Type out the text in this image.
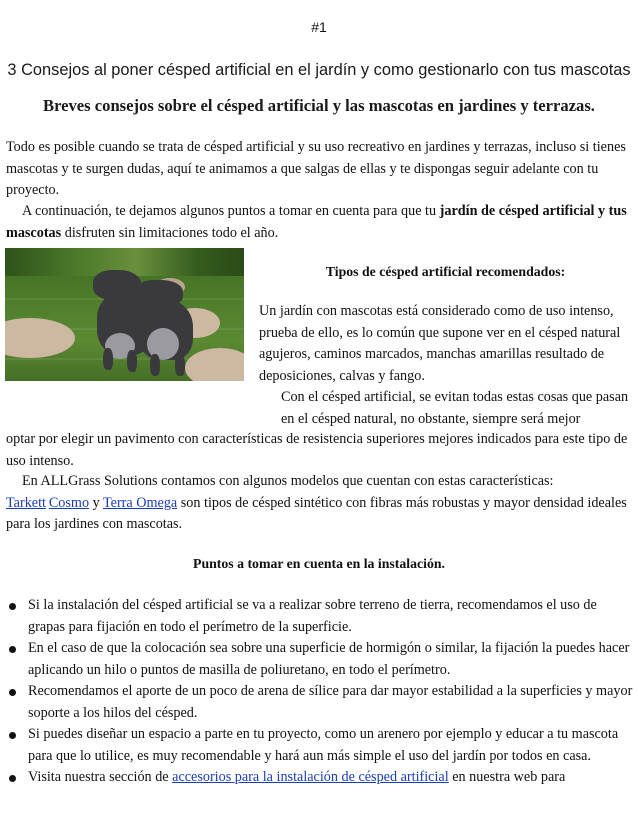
#1
3 Consejos al poner césped artificial en el jardín y como gestionarlo con tus mascotas
Breves consejos sobre el césped artificial y las mascotas en jardines y terrazas.
Todo es posible cuando se trata de césped artificial y su uso recreativo en jardines y terrazas, incluso si tienes mascotas y te surgen dudas, aquí te animamos a que salgas de ellas y te dispongas seguir adelante con tu proyecto.
A continuación, te dejamos algunos puntos a tomar en cuenta para que tu jardín de césped artificial y tus mascotas disfruten sin limitaciones todo el año.
Tipos de césped artificial recomendados:
Un jardín con mascotas está considerado como de uso intenso, prueba de ello, es lo común que supone ver en el césped natural agujeros, caminos marcados, manchas amarillas resultado de deposiciones, calvas y fango.
Con el césped artificial, se evitan todas estas cosas que pasan en el césped natural, no obstante, siempre será mejor
optar por elegir un pavimento con características de resistencia superiores mejores indicados para este tipo de uso intenso.
En ALLGrass Solutions contamos con algunos modelos que cuentan con estas características:
Tarkett  Cosmo y Terra Omega son tipos de césped sintético con fibras más robustas y mayor densidad ideales para los jardines con mascotas.
Puntos a tomar en cuenta en la instalación.
Si la instalación del césped artificial se va a realizar sobre terreno de tierra, recomendamos el uso de grapas para fijación en todo el perímetro de la superficie.
En el caso de que la colocación sea sobre una superficie de hormigón o similar, la fijación la puedes hacer aplicando un hilo o puntos de masilla de poliuretano, en todo el perímetro.
Recomendamos el aporte de un poco de arena de sílice para dar mayor estabilidad a la superficies y mayor soporte a los hilos del césped.
Si puedes diseñar un espacio a parte en tu proyecto, como un arenero por ejemplo y educar a tu mascota para que lo utilice, es muy recomendable y hará aun más simple el uso del jardín por todos en casa.
Visita nuestra sección de accesorios para la instalación de césped artificial en nuestra web para
